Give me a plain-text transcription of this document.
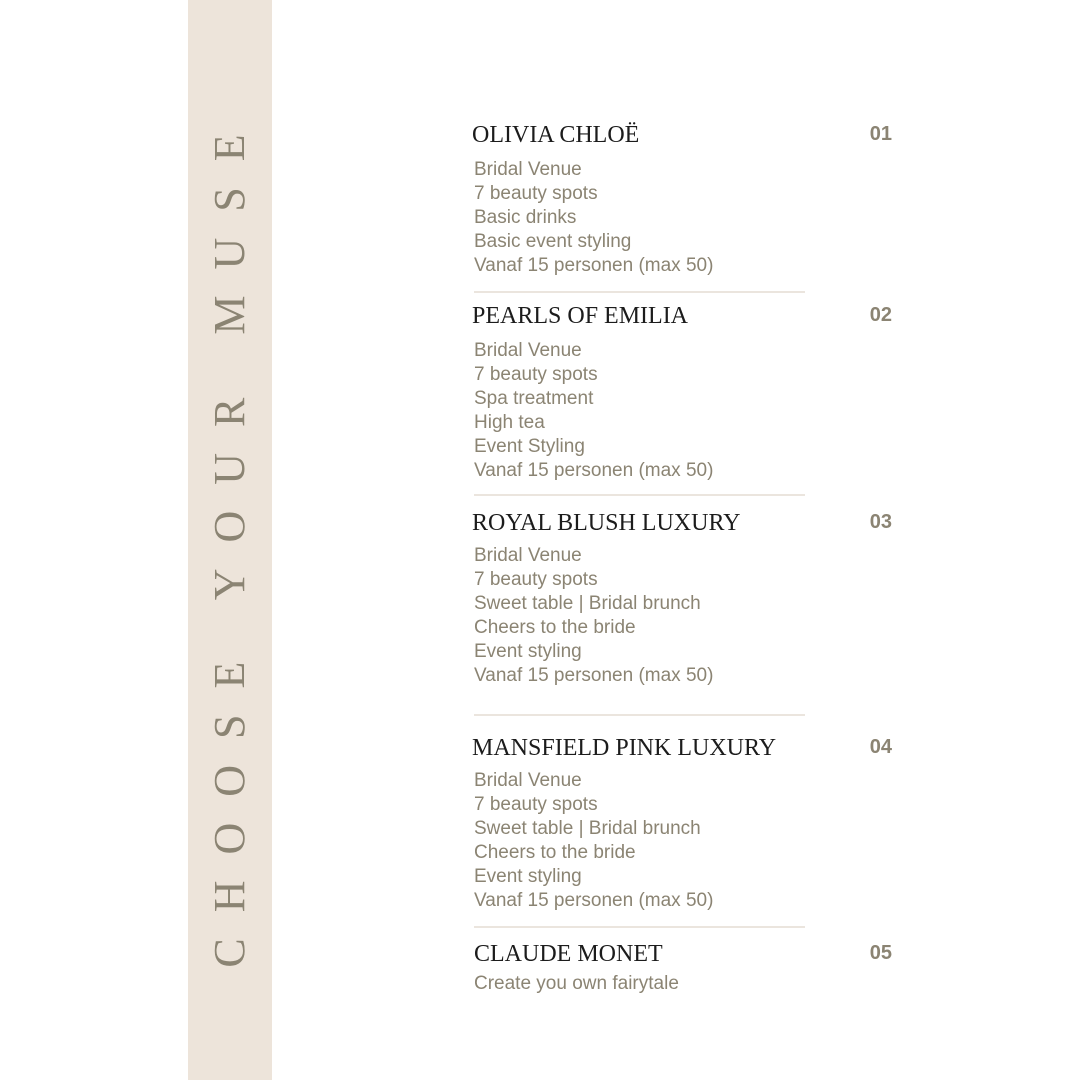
CHOOSE YOUR MUSE	OLIVIA CHLOË	01
Bridal Venue
7 beauty spots
Basic drinks
Basic event styling
Vanaf 15 personen (max 50)
PEARLS OF EMILIA	02
Bridal Venue
7 beauty spots
Spa treatment
High tea
Event Styling
Vanaf 15 personen (max 50)
ROYAL BLUSH LUXURY	03
Bridal Venue
7 beauty spots
Sweet table | Bridal brunch
Cheers to the bride
Event styling
Vanaf 15 personen (max 50)
MANSFIELD PINK LUXURY	04
Bridal Venue
7 beauty spots
Sweet table | Bridal brunch
Cheers to the bride
Event styling
Vanaf 15 personen (max 50)
CLAUDE MONET	05
Create you own fairytale
